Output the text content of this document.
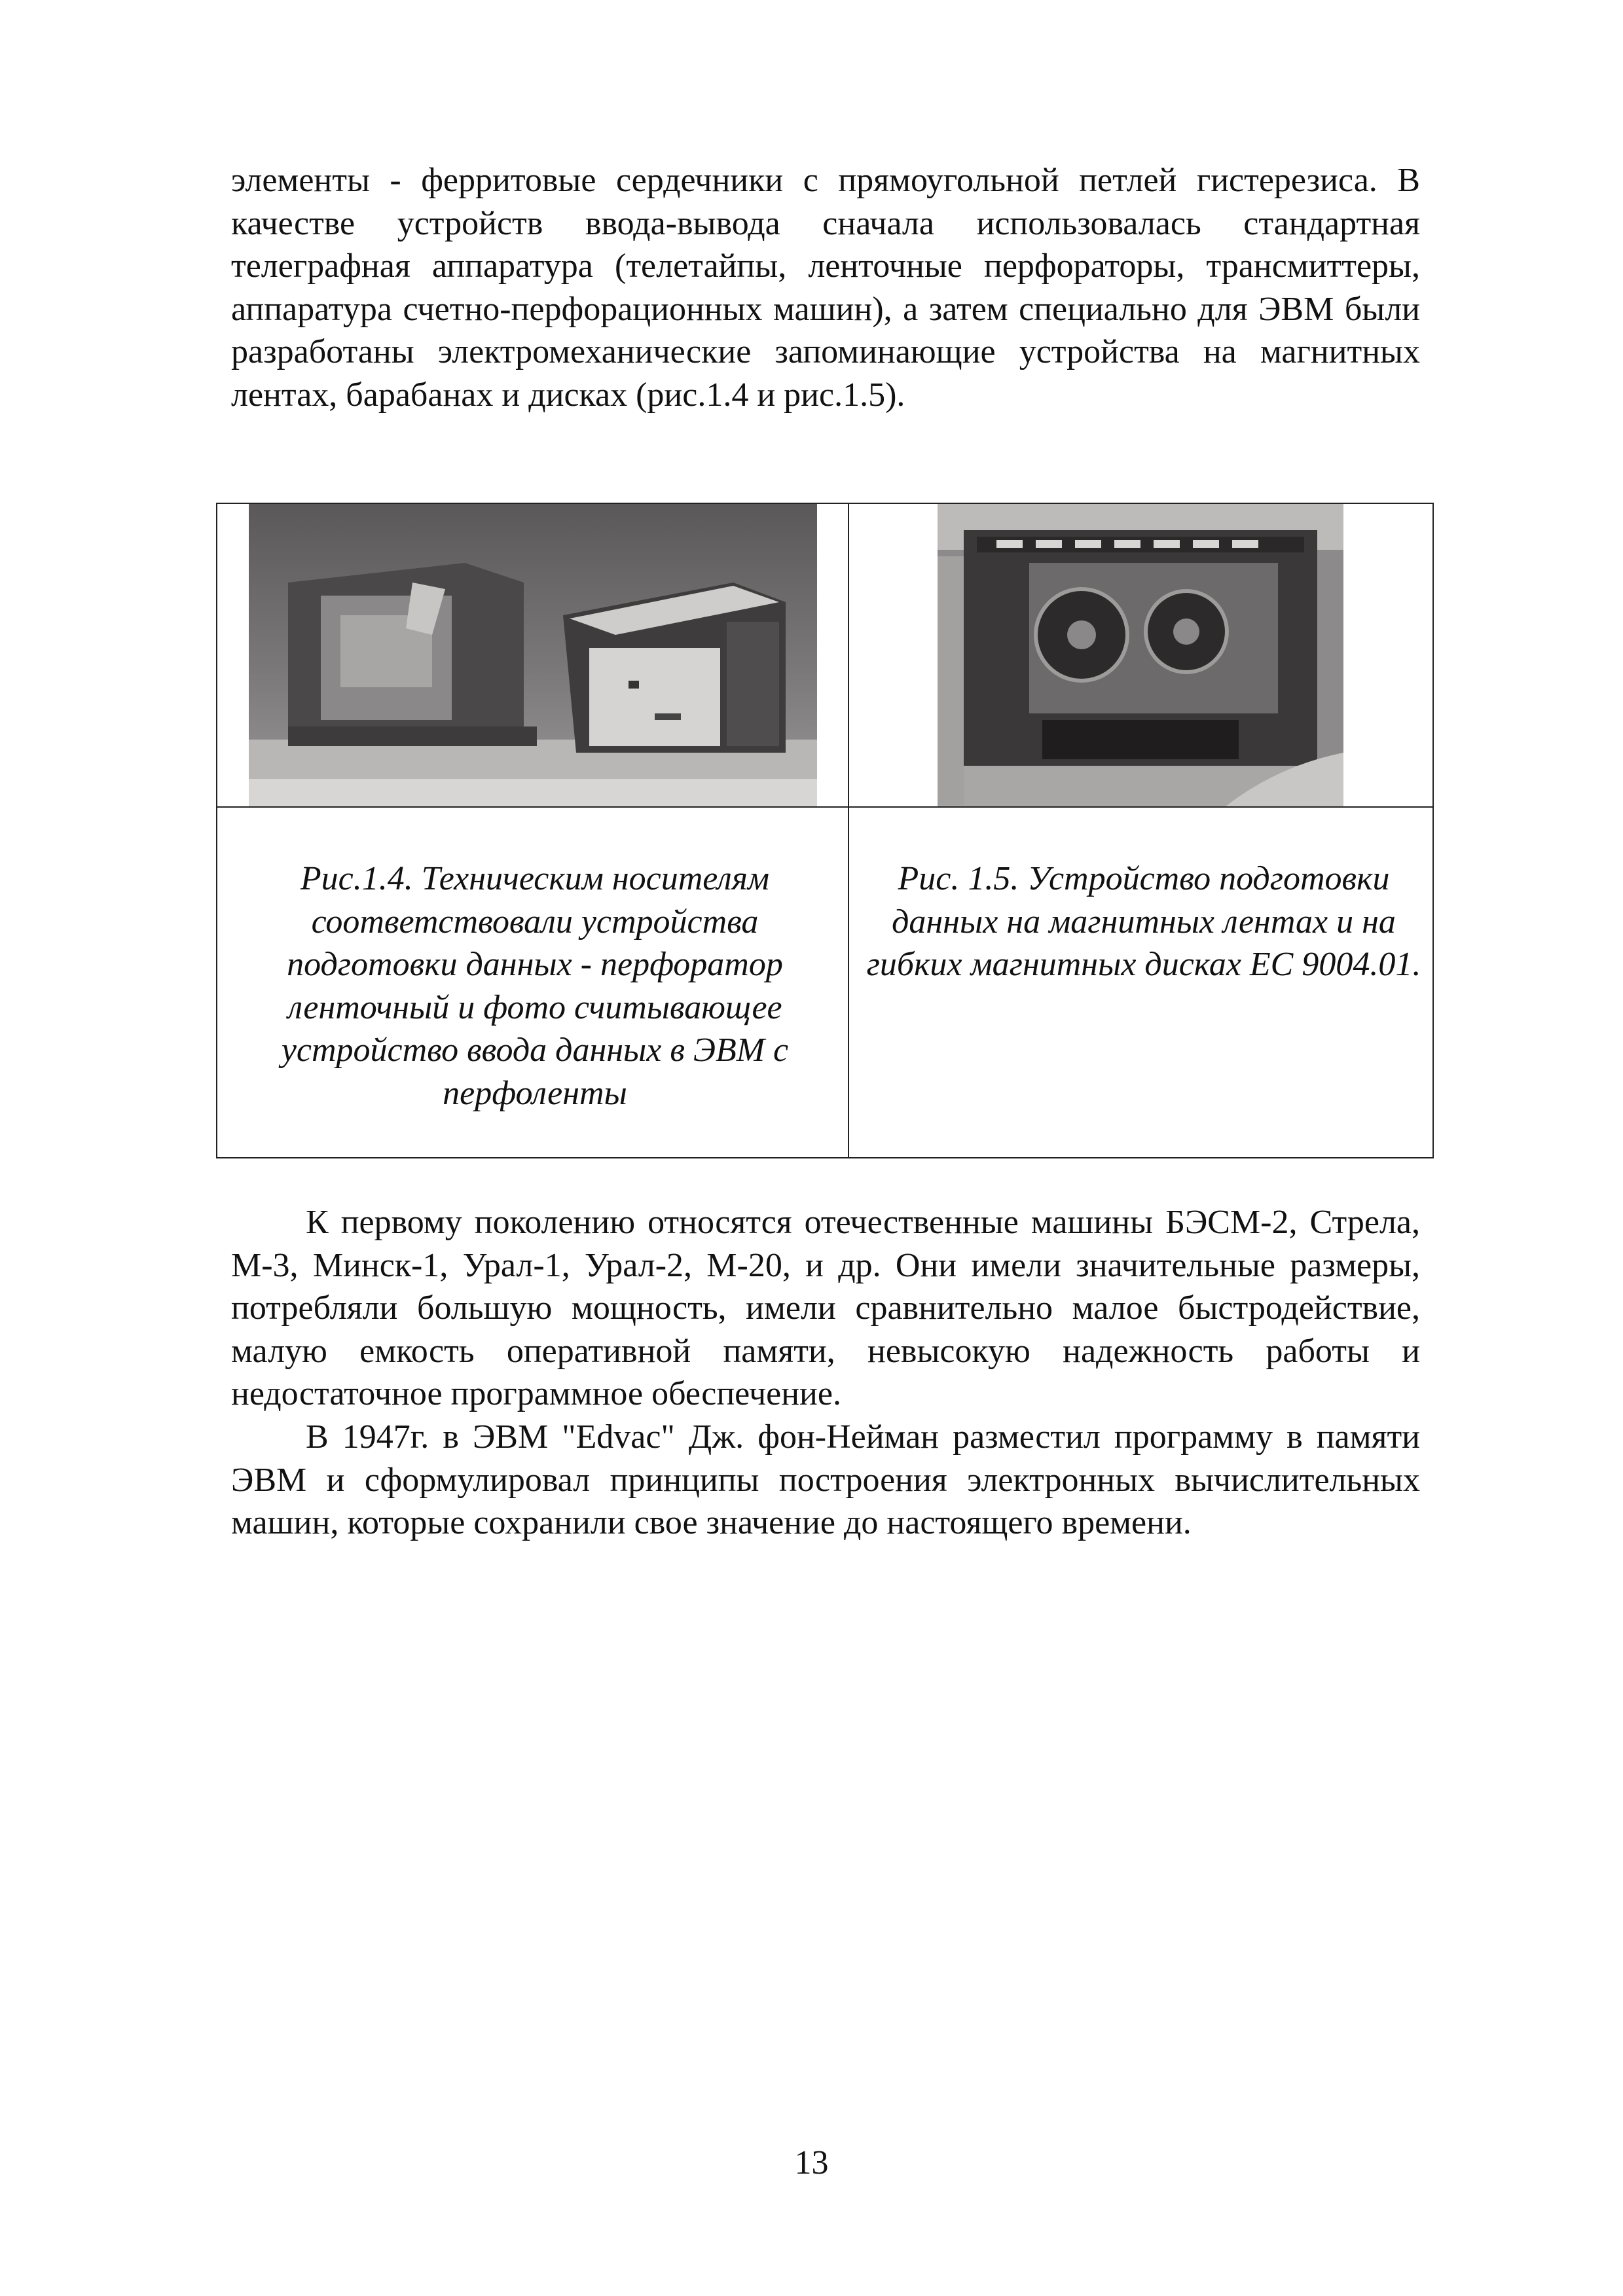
элементы - ферритовые сердечники с прямоугольной петлей гистерезиса. В качестве устройств ввода-вывода сначала использовалась стандартная телеграфная аппаратура (телетайпы, ленточные перфораторы, трансмиттеры, аппаратура счетно-перфорационных машин), а затем специально для ЭВМ были разработаны электромеханические запоминающие устройства на магнитных лентах, барабанах и дисках (рис.1.4 и рис.1.5).

Рис.1.4. Техническим носителям соответствовали устройства подготовки данных - перфоратор ленточный и фото считывающее устройство ввода данных в ЭВМ с перфоленты
Рис. 1.5. Устройство подготовки данных на магнитных лентах и на гибких магнитных дисках ЕС 9004.01.

К первому поколению относятся отечественные машины БЭСМ-2, Стрела, М-3, Минск-1, Урал-1, Урал-2, М-20, и др. Они имели значительные размеры, потребляли большую мощность, имели сравнительно малое быстродействие, малую емкость оперативной памяти, невысокую надежность работы и недостаточное программное обеспечение.

В 1947г. в ЭВМ "Edvac" Дж. фон-Нейман разместил программу в памяти ЭВМ и сформулировал принципы построения электронных вычислительных машин, которые сохранили свое значение до настоящего времени.

13
